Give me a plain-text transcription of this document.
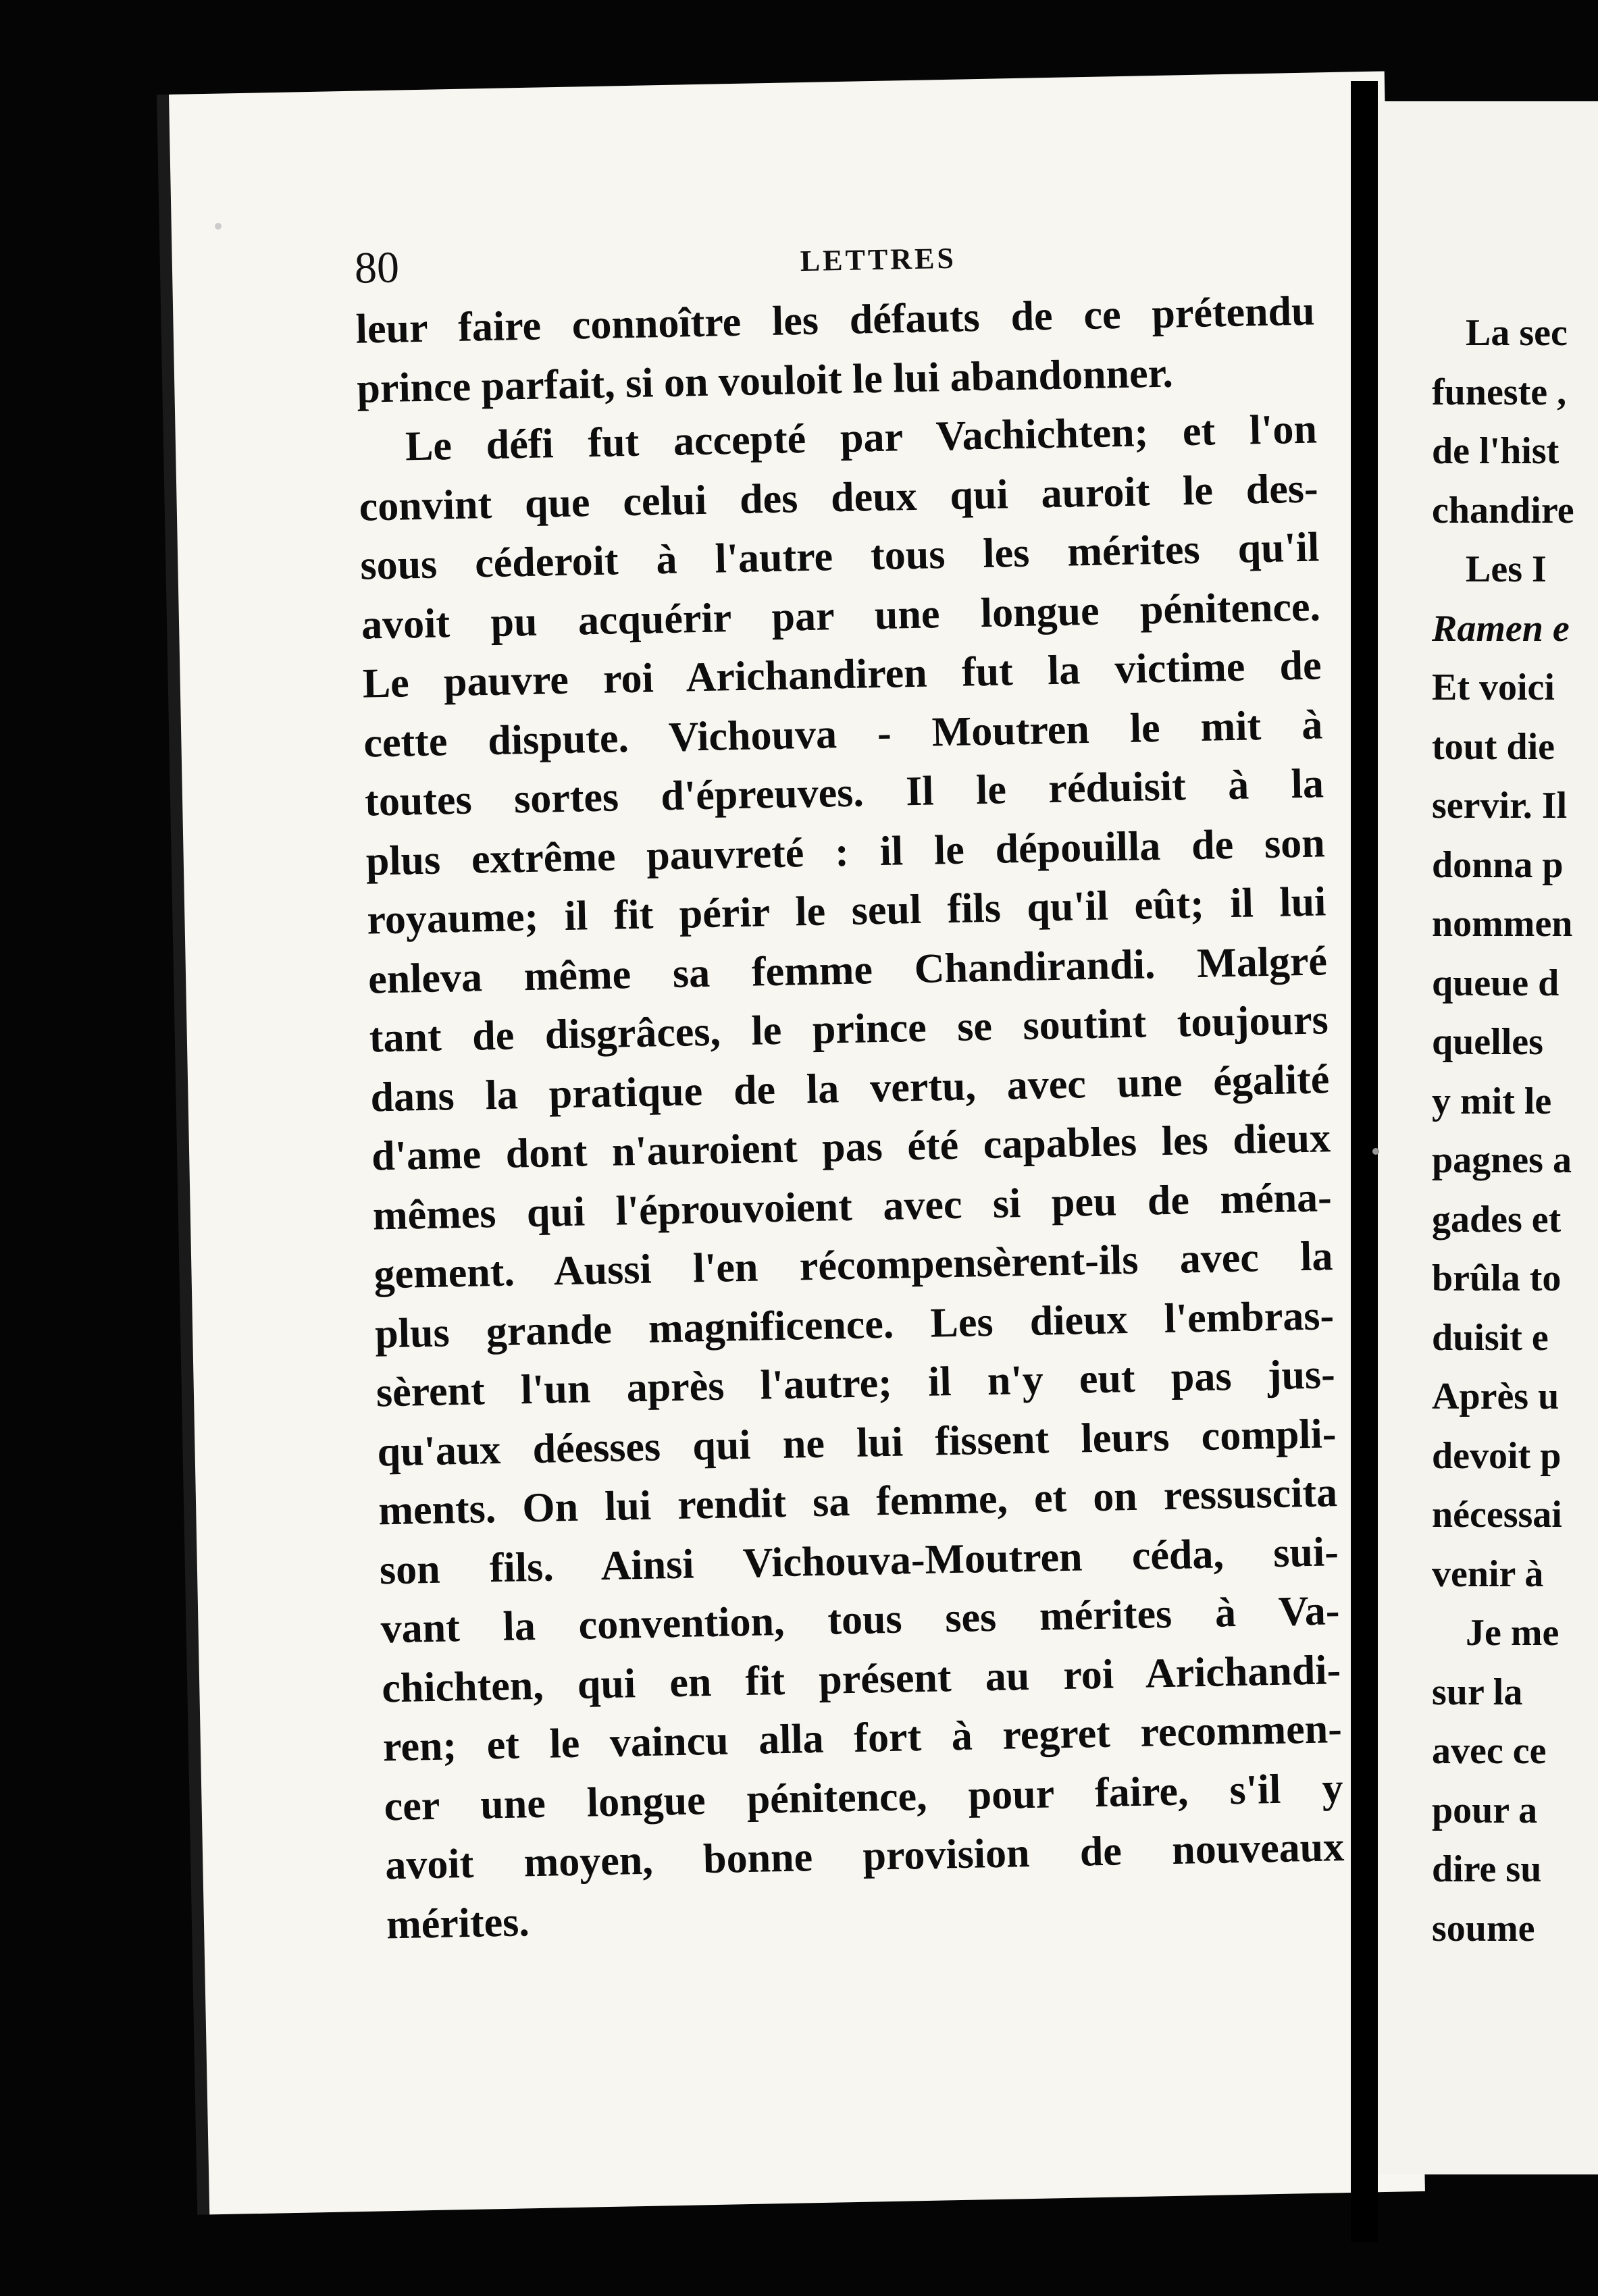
80	LETTRES
leur faire connoître les défauts de ce prétendu
prince parfait, si on vouloit le lui abandonner.
Le défi fut accepté par Vachichten; et l'on
convint que celui des deux qui auroit le des-
sous céderoit à l'autre tous les mérites qu'il
avoit pu acquérir par une longue pénitence.
Le pauvre roi Arichandiren fut la victime de
cette dispute. Vichouva - Moutren le mit à
toutes sortes d'épreuves. Il le réduisit à la
plus extrême pauvreté : il le dépouilla de son
royaume; il fit périr le seul fils qu'il eût; il lui
enleva même sa femme Chandirandi. Malgré
tant de disgrâces, le prince se soutint toujours
dans la pratique de la vertu, avec une égalité
d'ame dont n'auroient pas été capables les dieux
mêmes qui l'éprouvoient avec si peu de ména-
gement. Aussi l'en récompensèrent-ils avec la
plus grande magnificence. Les dieux l'embras-
sèrent l'un après l'autre; il n'y eut pas jus-
qu'aux déesses qui ne lui fissent leurs compli-
ments. On lui rendit sa femme, et on ressuscita
son fils. Ainsi Vichouva-Moutren céda, sui-
vant la convention, tous ses mérites à Va-
chichten, qui en fit présent au roi Arichandi-
ren; et le vaincu alla fort à regret recommen-
cer une longue pénitence, pour faire, s'il y
avoit moyen, bonne provision de nouveaux
mérites.
La sec
funeste ,
de l'hist
chandire
Les I
Ramen e
Et voici
tout die
servir. Il
donna p
nommen
queue d
quelles
y mit le
pagnes a
gades et
brûla to
duisit e
Après u
devoit p
nécessai
venir à
Je me
sur la
avec ce
pour a
dire su
soume
